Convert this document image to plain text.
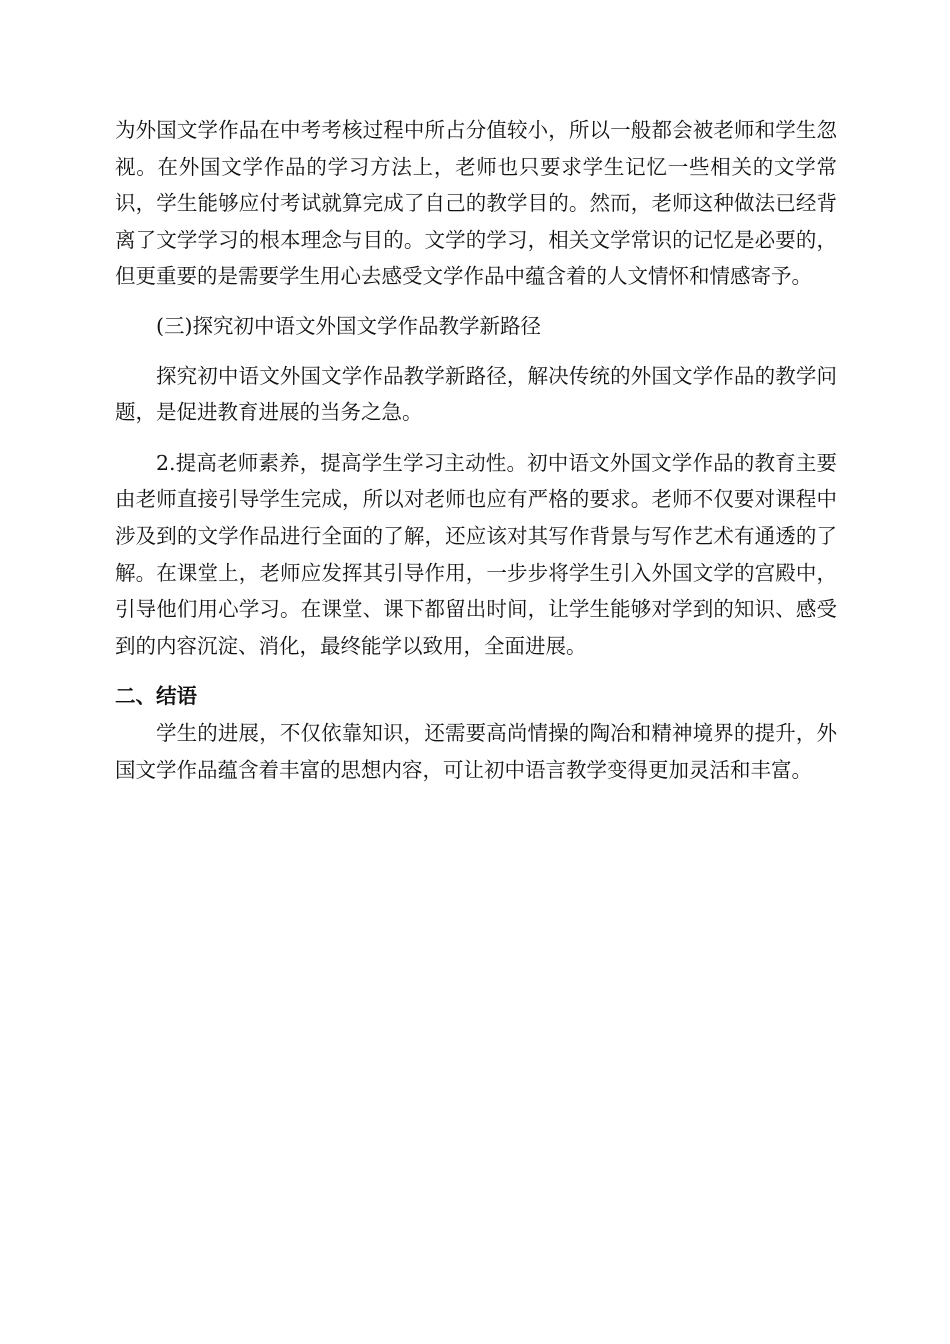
为外国文学作品在中考考核过程中所占分值较小，所以一般都会被老师和学生忽视。在外国文学作品的学习方法上，老师也只要求学生记忆一些相关的文学常识，学生能够应付考试就算完成了自己的教学目的。然而，老师这种做法已经背离了文学学习的根本理念与目的。文学的学习，相关文学常识的记忆是必要的，但更重要的是需要学生用心去感受文学作品中蕴含着的人文情怀和情感寄予。

(三)探究初中语文外国文学作品教学新路径

探究初中语文外国文学作品教学新路径，解决传统的外国文学作品的教学问题，是促进教育进展的当务之急。

2.提高老师素养，提高学生学习主动性。初中语文外国文学作品的教育主要由老师直接引导学生完成，所以对老师也应有严格的要求。老师不仅要对课程中涉及到的文学作品进行全面的了解，还应该对其写作背景与写作艺术有通透的了解。在课堂上，老师应发挥其引导作用，一步步将学生引入外国文学的宫殿中，引导他们用心学习。在课堂、课下都留出时间，让学生能够对学到的知识、感受到的内容沉淀、消化，最终能学以致用，全面进展。

二、结语

学生的进展，不仅依靠知识，还需要高尚情操的陶冶和精神境界的提升，外国文学作品蕴含着丰富的思想内容，可让初中语言教学变得更加灵活和丰富。
